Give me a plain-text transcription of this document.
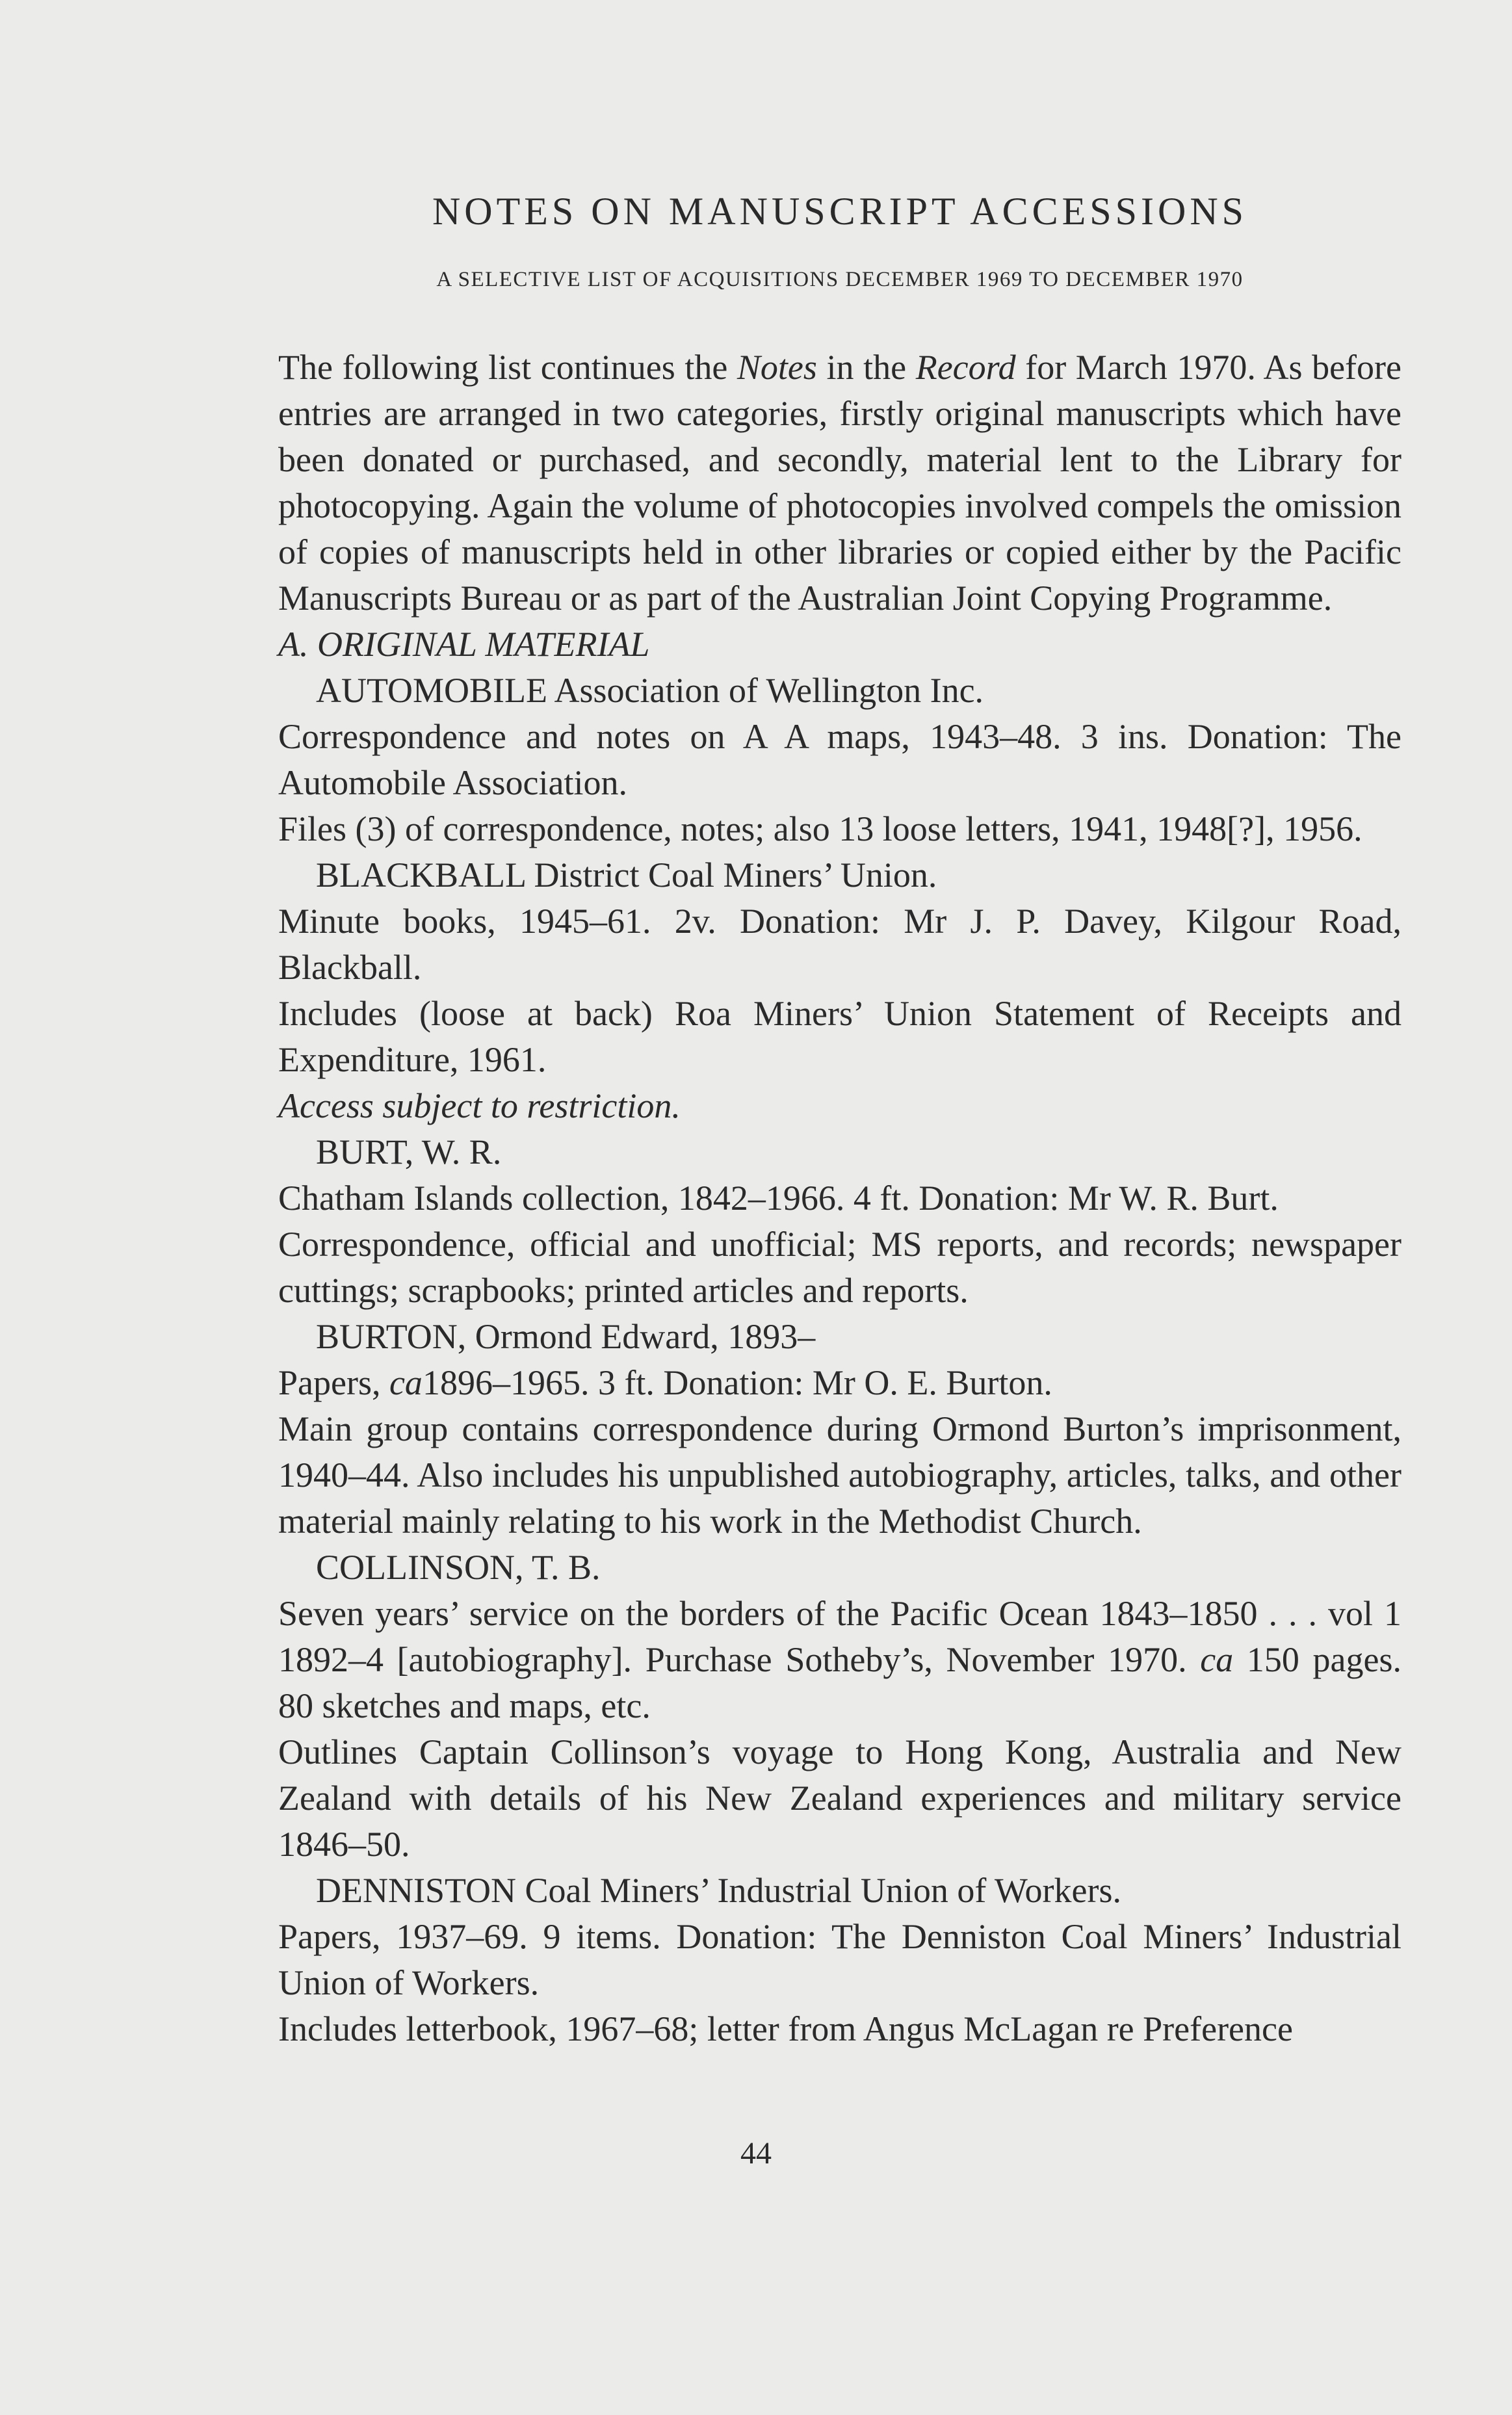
NOTES ON MANUSCRIPT ACCESSIONS
A SELECTIVE LIST OF ACQUISITIONS DECEMBER 1969 TO DECEMBER 1970

The following list continues the Notes in the Record for March 1970. As before entries are arranged in two categories, firstly original manuscripts which have been donated or purchased, and secondly, material lent to the Library for photocopying. Again the volume of photocopies involved compels the omission of copies of manuscripts held in other libraries or copied either by the Pacific Manuscripts Bureau or as part of the Australian Joint Copying Programme.

A. ORIGINAL MATERIAL

AUTOMOBILE Association of Wellington Inc.

Correspondence and notes on A A maps, 1943–48. 3 ins. Donation: The Automobile Association.

Files (3) of correspondence, notes; also 13 loose letters, 1941, 1948[?], 1956.

BLACKBALL District Coal Miners’ Union.

Minute books, 1945–61. 2v. Donation: Mr J. P. Davey, Kilgour Road, Blackball.

Includes (loose at back) Roa Miners’ Union Statement of Receipts and Expenditure, 1961.

Access subject to restriction.

BURT, W. R.

Chatham Islands collection, 1842–1966. 4 ft. Donation: Mr W. R. Burt.

Correspondence, official and unofficial; MS reports, and records; newspaper cuttings; scrapbooks; printed articles and reports.

BURTON, Ormond Edward, 1893–

Papers, ca1896–1965. 3 ft. Donation: Mr O. E. Burton.

Main group contains correspondence during Ormond Burton’s imprisonment, 1940–44. Also includes his unpublished autobiography, articles, talks, and other material mainly relating to his work in the Methodist Church.

COLLINSON, T. B.

Seven years’ service on the borders of the Pacific Ocean 1843–1850 . . . vol 1 1892–4 [autobiography]. Purchase Sotheby’s, November 1970. ca 150 pages. 80 sketches and maps, etc.

Outlines Captain Collinson’s voyage to Hong Kong, Australia and New Zealand with details of his New Zealand experiences and military service 1846–50.

DENNISTON Coal Miners’ Industrial Union of Workers.

Papers, 1937–69. 9 items. Donation: The Denniston Coal Miners’ Industrial Union of Workers.

Includes letterbook, 1967–68; letter from Angus McLagan re Preference

44
